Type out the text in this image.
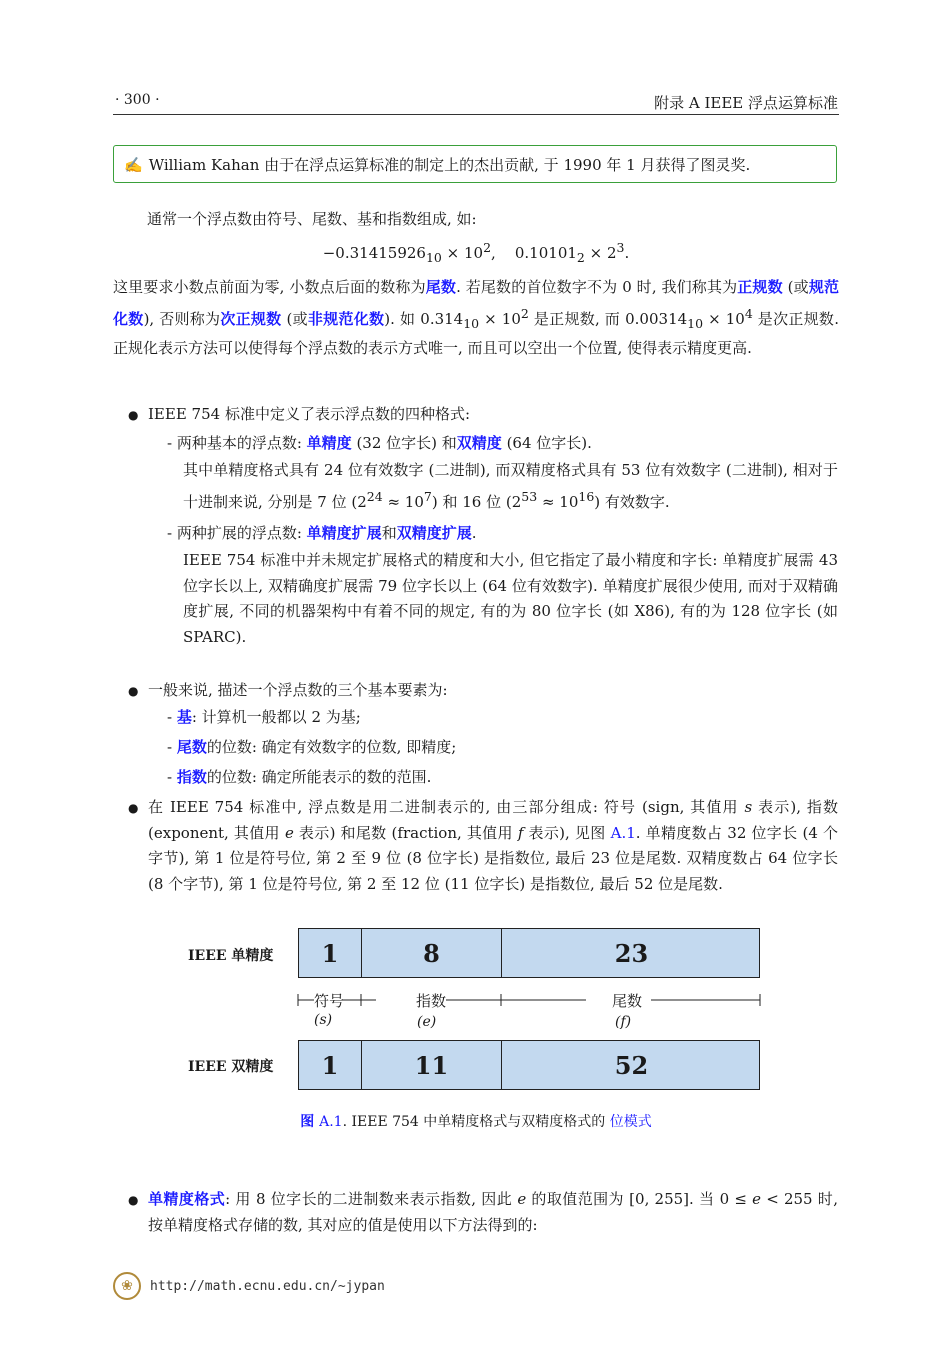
· 300 ·	附录 A IEEE 浮点运算标准
✍ William Kahan 由于在浮点运算标准的制定上的杰出贡献, 于 1990 年 1 月获得了图灵奖.
通常一个浮点数由符号、尾数、基和指数组成, 如:
$-0.31415926_{10} \times 10^2$,    $0.10101_2 \times 2^3$.
这里要求小数点前面为零, 小数点后面的数称为尾数. 若尾数的首位数字不为 0 时, 我们称其为正规数 (或规范化数), 否则称为次正规数 (或非规范化数). 如 $0.314_{10} \times 10^2$ 是正规数, 而 $0.00314_{10} \times 10^4$ 是次正规数. 正规化表示方法可以使得每个浮点数的表示方式唯一, 而且可以空出一个位置, 使得表示精度更高.
● IEEE 754 标准中定义了表示浮点数的四种格式:
- 两种基本的浮点数: 单精度 (32 位字长) 和双精度 (64 位字长).
其中单精度格式具有 24 位有效数字 (二进制), 而双精度格式具有 53 位有效数字 (二进制), 相对于十进制来说, 分别是 7 位 $(2^{24} \approx 10^7)$ 和 16 位 $(2^{53} \approx 10^{16})$ 有效数字.
- 两种扩展的浮点数: 单精度扩展和双精度扩展.
IEEE 754 标准中并未规定扩展格式的精度和大小, 但它指定了最小精度和字长: 单精度扩展需 43 位字长以上, 双精确度扩展需 79 位字长以上 (64 位有效数字). 单精度扩展很少使用, 而对于双精确度扩展, 不同的机器架构中有着不同的规定, 有的为 80 位字长 (如 X86), 有的为 128 位字长 (如 SPARC).
● 一般来说, 描述一个浮点数的三个基本要素为:
- 基: 计算机一般都以 2 为基;
- 尾数的位数: 确定有效数字的位数, 即精度;
- 指数的位数: 确定所能表示的数的范围.
● 在 IEEE 754 标准中, 浮点数是用二进制表示的, 由三部分组成: 符号 (sign, 其值用 s 表示), 指数 (exponent, 其值用 e 表示) 和尾数 (fraction, 其值用 f 表示), 见图 A.1. 单精度数占 32 位字长 (4 个字节), 第 1 位是符号位, 第 2 至 9 位 (8 位字长) 是指数位, 最后 23 位是尾数. 双精度数占 64 位字长 (8 个字节), 第 1 位是符号位, 第 2 至 12 位 (11 位字长) 是指数位, 最后 52 位是尾数.
IEEE 单精度	1	8	23
符号	指数	尾数
(s)	(e)	(f)
IEEE 双精度	1	11	52
图 A.1. IEEE 754 中单精度格式与双精度格式的 位模式
● 单精度格式: 用 8 位字长的二进制数来表示指数, 因此 e 的取值范围为 [0, 255]. 当 0 ≤ e < 255 时, 按单精度格式存储的数, 其对应的值是使用以下方法得到的:
❀	http://math.ecnu.edu.cn/~jypan
